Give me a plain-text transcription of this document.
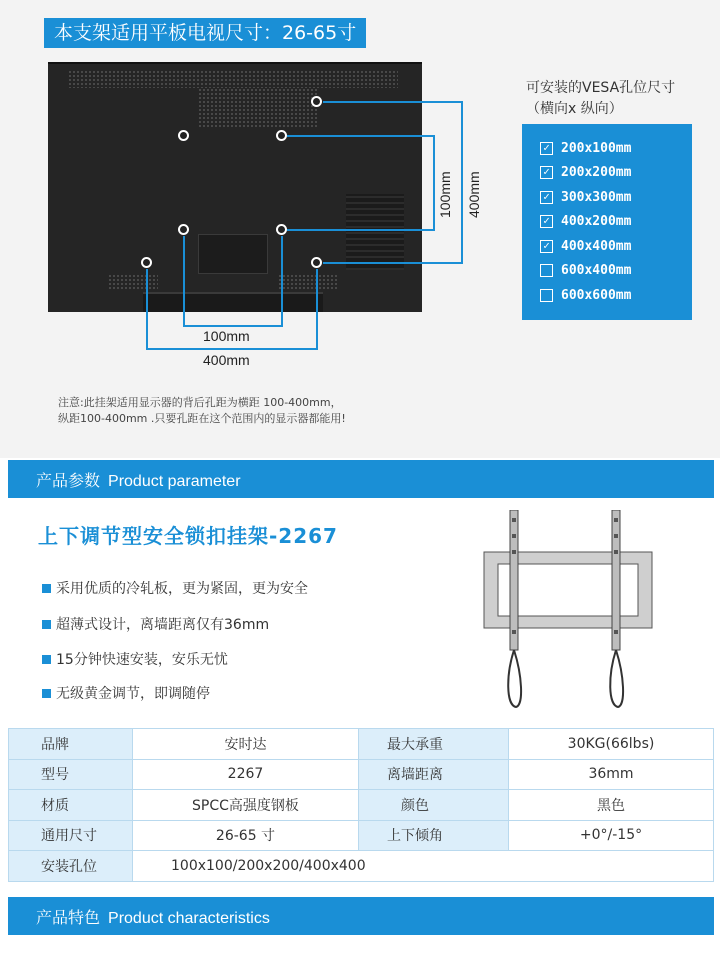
本支架适用平板电视尺寸：26-65寸
100mm 400mm
100mm
400mm
可安装的VESA孔位尺寸
（横向x 纵向）
✓ 200x100mm
✓ 200x200mm
✓ 300x300mm
✓ 400x200mm
✓ 400x400mm
600x400mm
600x600mm
注意:此挂架适用显示器的背后孔距为横距 100-400mm，
纵距100-400mm .只要孔距在这个范围内的显示器都能用!
产品参数 Product parameter
上下调节型安全锁扣挂架-2267
采用优质的冷轧板，更为紧固，更为安全
超薄式设计，离墙距离仅有36mm
15分钟快速安装，安乐无忧
无级黄金调节，即调随停
品牌	安时达	最大承重	30KG(66lbs)
型号	2267	离墙距离	36mm
材质	SPCC高强度钢板	颜色	黑色
通用尺寸	26-65 寸	上下倾角	+0°/-15°
安装孔位	100x100/200x200/400x400		
产品特色 Product characteristics
